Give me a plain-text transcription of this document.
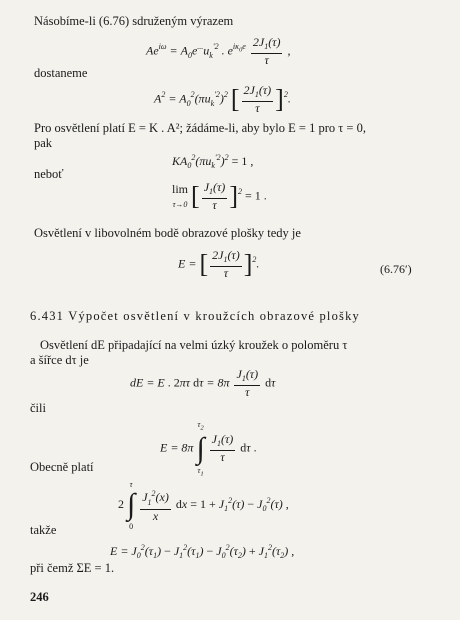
Násobíme-li (6.76) sdruženým výrazem
$Ae^{i\omega} = A_0e^{...}u_k^{'2}$ . $e^{i\kappa_0e} \frac{2J_1(\tau)}{\tau}$ ,
dostaneme
$A^2 = A_0^2(\pi u_k^{'2})^2$ [ $\frac{2J_1(\tau)}{\tau} ]^2$.
Pro osvětlení platí E = K . A²; žádáme-li, aby bylo E = 1 pro τ = 0,
pak
$KA_0^2(\pi u_k^{'2})^2 = 1$ ,
neboť
lim
τ→0 [ $\frac{J_1(\tau)}{\tau} ]^2 = 1$ .
Osvětlení v libovolném bodě obrazové plošky tedy je
E = [ $\frac{2J_1(\tau)}{\tau} ]^2$.	(6.76′)
6.431 Výpočet osvětlení v kroužcích obrazové plošky
Osvětlení dE připadající na velmi úzký kroužek o poloměru τ
a šířce dτ je
dE = E . 2πτ $d\tau = 8\pi \frac{J_1(\tau)}{\tau}$ dτ
čili
E = 8π $\tau_2$
∫
$\tau_1$
$\frac{J_1(\tau)}{\tau}$ dτ .
Obecně platí
2 τ
∫
0
$\frac{J_1^2(x)}{x}$ dx = $1 + J_1^2(\tau) - J_0^2(\tau)$ ,
takže
$E = J_0^2(\tau_1) - J_1^2(\tau_1) - J_0^2(\tau_2) + J_1^2(\tau_2)$ ,
při čemž ΣE = 1.
246
